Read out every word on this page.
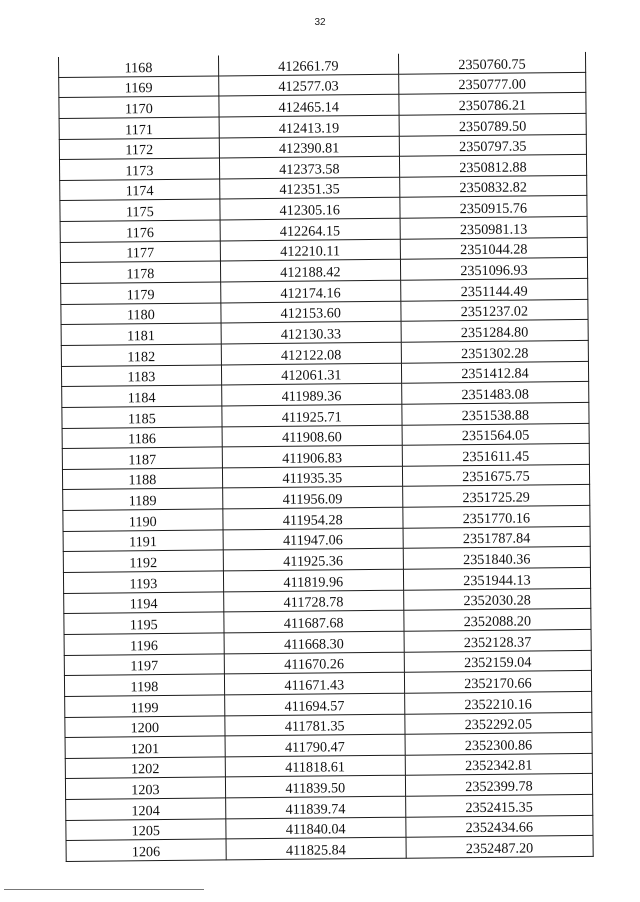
32
1168	412661.79	2350760.75
1169	412577.03	2350777.00
1170	412465.14	2350786.21
1171	412413.19	2350789.50
1172	412390.81	2350797.35
1173	412373.58	2350812.88
1174	412351.35	2350832.82
1175	412305.16	2350915.76
1176	412264.15	2350981.13
1177	412210.11	2351044.28
1178	412188.42	2351096.93
1179	412174.16	2351144.49
1180	412153.60	2351237.02
1181	412130.33	2351284.80
1182	412122.08	2351302.28
1183	412061.31	2351412.84
1184	411989.36	2351483.08
1185	411925.71	2351538.88
1186	411908.60	2351564.05
1187	411906.83	2351611.45
1188	411935.35	2351675.75
1189	411956.09	2351725.29
1190	411954.28	2351770.16
1191	411947.06	2351787.84
1192	411925.36	2351840.36
1193	411819.96	2351944.13
1194	411728.78	2352030.28
1195	411687.68	2352088.20
1196	411668.30	2352128.37
1197	411670.26	2352159.04
1198	411671.43	2352170.66
1199	411694.57	2352210.16
1200	411781.35	2352292.05
1201	411790.47	2352300.86
1202	411818.61	2352342.81
1203	411839.50	2352399.78
1204	411839.74	2352415.35
1205	411840.04	2352434.66
1206	411825.84	2352487.20
